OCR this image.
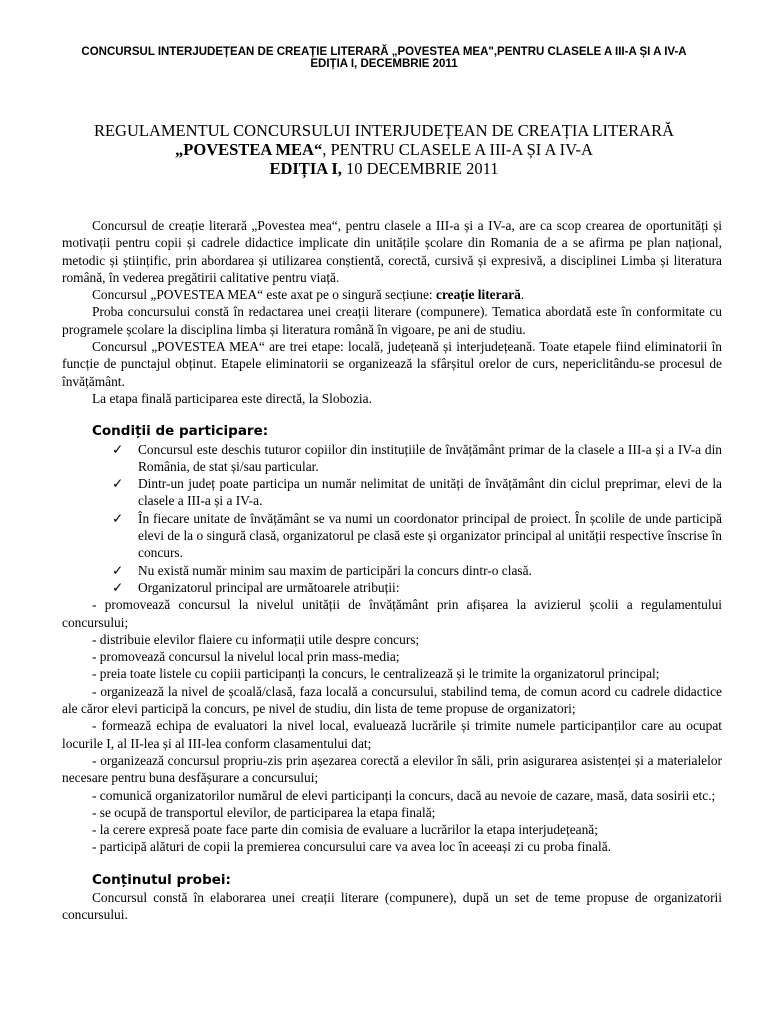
CONCURSUL INTERJUDEȚEAN DE CREAȚIE LITERARĂ „POVESTEA MEA",PENTRU CLASELE A III-A ȘI A IV-A
EDIȚIA I, DECEMBRIE 2011
REGULAMENTUL CONCURSULUI INTERJUDEȚEAN DE CREAȚIA LITERARĂ
„POVESTEA MEA“, PENTRU CLASELE A III-A ȘI A IV-A
EDIȚIA I, 10 DECEMBRIE 2011

Concursul de creație literară „Povestea mea“, pentru clasele a III-a și a IV-a, are ca scop crearea de oportunități și motivații pentru copii și cadrele didactice implicate din unitățile școlare din Romania de a se afirma pe plan național, metodic și științific, prin abordarea și utilizarea conștientă, corectă, cursivă și expresivă, a disciplinei Limba și literatura română, în vederea pregătirii calitative pentru viață.

Concursul „POVESTEA MEA“ este axat pe o singură secțiune: creație literară.

Proba concursului constă în redactarea unei creații literare (compunere). Tematica abordată este în conformitate cu programele școlare la disciplina limba și literatura română în vigoare, pe ani de studiu.

Concursul „POVESTEA MEA“ are trei etape: locală, județeană și interjudețeană. Toate etapele fiind eliminatorii în funcție de punctajul obținut. Etapele eliminatorii se organizează la sfârșitul orelor de curs, nepericlitându-se procesul de învățământ.

La etapa finală participarea este directă, la Slobozia.

Condiții de participare:

✓ Concursul este deschis tuturor copiilor din instituțiile de învățământ primar de la clasele a III-a și a IV-a din România, de stat și/sau particular.
✓ Dintr-un județ poate participa un număr nelimitat de unități de învățământ din ciclul preprimar, elevi de la clasele a III-a și a IV-a.
✓ În fiecare unitate de învățământ se va numi un coordonator principal de proiect. În școlile de unde participă elevi de la o singură clasă, organizatorul pe clasă este și organizator principal al unității respective înscrise în concurs.
✓ Nu există număr minim sau maxim de participări la concurs dintr-o clasă.
✓ Organizatorul principal are următoarele atribuții:

- promovează concursul la nivelul unității de învățământ prin afișarea la avizierul școlii a regulamentului concursului;

- distribuie elevilor flaiere cu informații utile despre concurs;

- promovează concursul la nivelul local prin mass-media;

- preia toate listele cu copiii participanți la concurs, le centralizează și le trimite la organizatorul principal;

- organizează la nivel de școală/clasă, faza locală a concursului, stabilind tema, de comun acord cu cadrele didactice ale căror elevi participă la concurs, pe nivel de studiu, din lista de teme propuse de organizatori;

- formează echipa de evaluatori la nivel local, evaluează lucrările și trimite numele participanților care au ocupat locurile I, al II-lea și al III-lea conform clasamentului dat;

- organizează concursul propriu-zis prin așezarea corectă a elevilor în săli, prin asigurarea asistenței și a materialelor necesare pentru buna desfășurare a concursului;

- comunică organizatorilor numărul de elevi participanți la concurs, dacă au nevoie de cazare, masă, data sosirii etc.;

- se ocupă de transportul elevilor, de participarea la etapa finală;

- la cerere expresă poate face parte din comisia de evaluare a lucrărilor la etapa interjudețeană;

- participă alături de copii la premierea concursului care va avea loc în aceeași zi cu proba finală.

Conținutul probei:

Concursul constă în elaborarea unei creații literare (compunere), după un set de teme propuse de organizatorii concursului.
